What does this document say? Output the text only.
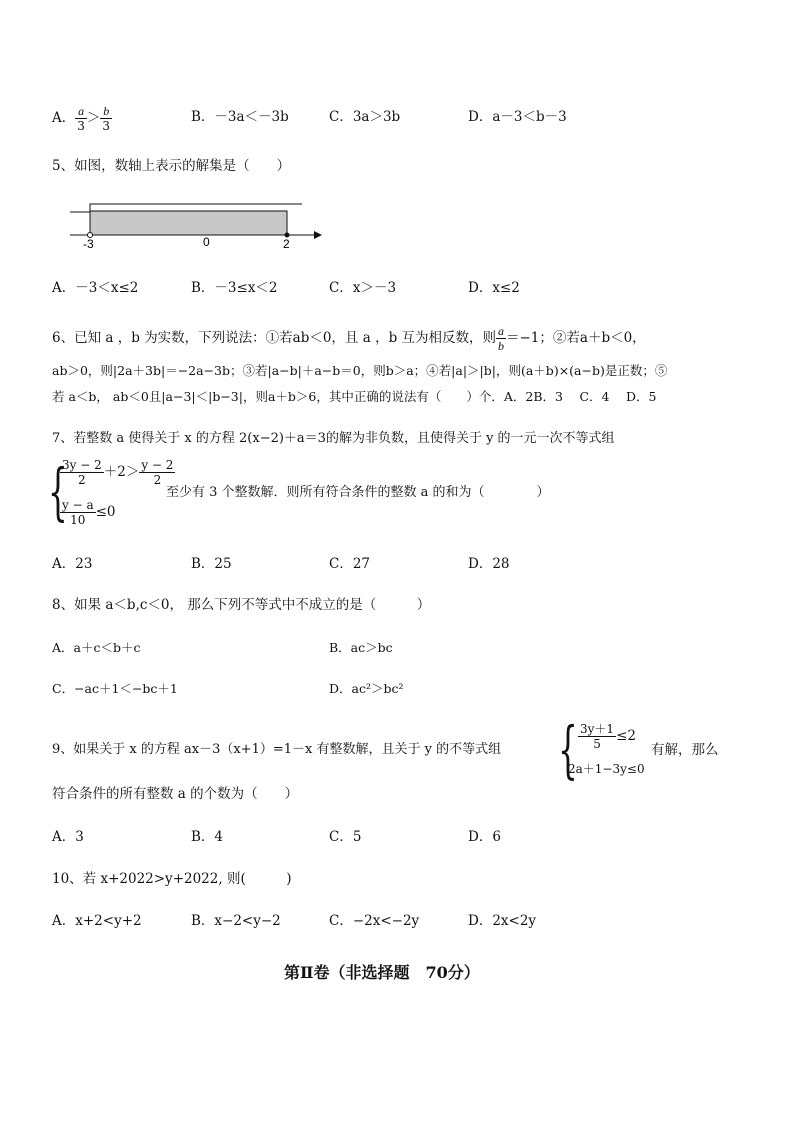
A． $\frac{a}{3} > \frac{b}{3}$	B．－3a＜－3b	C．3a＞3b	D．a－3＜b－3
5、如图，数轴上表示的解集是（　　）
-3	0	2
A．－3＜x≤2	B．－3≤x＜2	C．x＞－3	D．x≤2
6、已知 a ，b 为实数，下列说法：①若ab＜0，且 a ，b 互为相反数，则 $\frac{a}{b} =-1$；②若a＋b＜0，
ab＞0，则|2a＋3b|＝−2a−3b；③若|a−b|＋a−b＝0，则b＞a；④若|a|＞|b|，则(a＋b)×(a−b)是正数；⑤
若 a＜b， ab＜0且|a−3|＜|b−3|，则a＋b＞6，其中正确的说法有（　　）个．A．2B．3　 C．4　 D．5
7、若整数 a 使得关于 x 的方程 2(x−2)＋a＝3的解为非负数，且使得关于 y 的一元一次不等式组
{
$\frac{3y - 2}{2} +2> \frac{y - 2}{2}$
$\frac{y - a}{10} \le 0$
至少有 3 个整数解．则所有符合条件的整数 a 的和为（　　　　）
A．23	B．25	C．27	D．28
8、如果 a＜b,c＜0， 那么下列不等式中不成立的是（　　　）
A．a＋c＜b＋c	B．ac＞bc
C．−ac＋1＜−bc＋1	D．ac²＞bc²
9、如果关于 x 的方程 ax－3（x+1）=1－x 有整数解，且关于 y 的不等式组 { $\frac{3y+1}{5} \le 2$
2a＋1−3y≤0
有解，那么
符合条件的所有整数 a 的个数为（　　）
A．3	B．4	C．5	D．6
10、若 x+2022>y+2022, 则(　　　)
A．x+2<y+2	B．x−2<y−2	C．−2x<−2y	D．2x<2y
第Ⅱ卷（非选择题　70分）
